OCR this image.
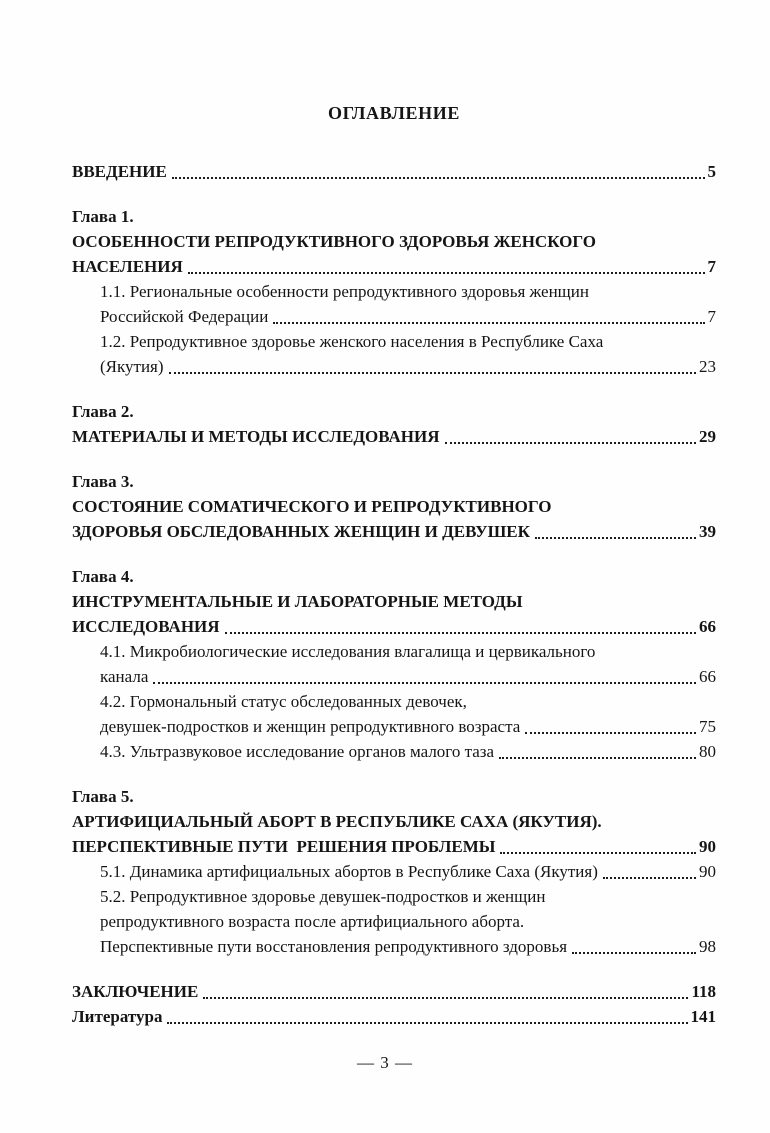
ОГЛАВЛЕНИЕ
ВВЕДЕНИЕ	5
Глава 1.
ОСОБЕННОСТИ РЕПРОДУКТИВНОГО ЗДОРОВЬЯ ЖЕНСКОГО
НАСЕЛЕНИЯ	7
1.1. Региональные особенности репродуктивного здоровья женщин
Российской Федерации	7
1.2. Репродуктивное здоровье женского населения в Республике Саха
(Якутия)	23
Глава 2.
МАТЕРИАЛЫ И МЕТОДЫ ИССЛЕДОВАНИЯ	29
Глава 3.
СОСТОЯНИЕ СОМАТИЧЕСКОГО И РЕПРОДУКТИВНОГО
ЗДОРОВЬЯ ОБСЛЕДОВАННЫХ ЖЕНЩИН И ДЕВУШЕК	39
Глава 4.
ИНСТРУМЕНТАЛЬНЫЕ И ЛАБОРАТОРНЫЕ МЕТОДЫ
ИССЛЕДОВАНИЯ	66
4.1. Микробиологические исследования влагалища и цервикального
канала	66
4.2. Гормональный статус обследованных девочек,
девушек-подростков и женщин репродуктивного возраста	75
4.3. Ультразвуковое исследование органов малого таза	80
Глава 5.
АРТИФИЦИАЛЬНЫЙ АБОРТ В РЕСПУБЛИКЕ САХА (ЯКУТИЯ).
ПЕРСПЕКТИВНЫЕ ПУТИ  РЕШЕНИЯ ПРОБЛЕМЫ	90
5.1. Динамика артифициальных абортов в Республике Саха (Якутия)	90
5.2. Репродуктивное здоровье девушек-подростков и женщин
репродуктивного возраста после артифициального аборта.
Перспективные пути восстановления репродуктивного здоровья	98
ЗАКЛЮЧЕНИЕ	118
Литература	141
— 3 —
